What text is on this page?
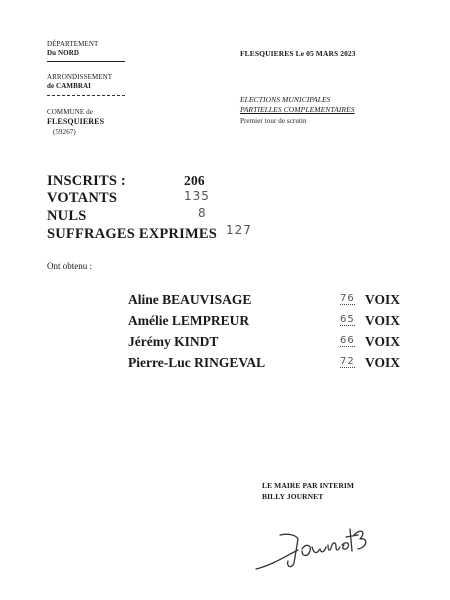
DÉPARTEMENT
Du NORD
ARRONDISSEMENT
de CAMBRAI
COMMUNE de
FLESQUIERES
(59267)
FLESQUIERES Le 05 MARS 2023
ELECTIONS MUNICIPALES
PARTIELLES COMPLEMENTAIRES
Premier tour de scrutin
INSCRITS :	206
VOTANTS	135
NULS	8
SUFFRAGES EXPRIMES 127
Ont obtenu :
Aline BEAUVISAGE	76 VOIX
Amélie LEMPREUR	65 VOIX
Jérémy KINDT	66 VOIX
Pierre-Luc RINGEVAL	72 VOIX
LE MAIRE PAR INTERIM
BILLY JOURNET
